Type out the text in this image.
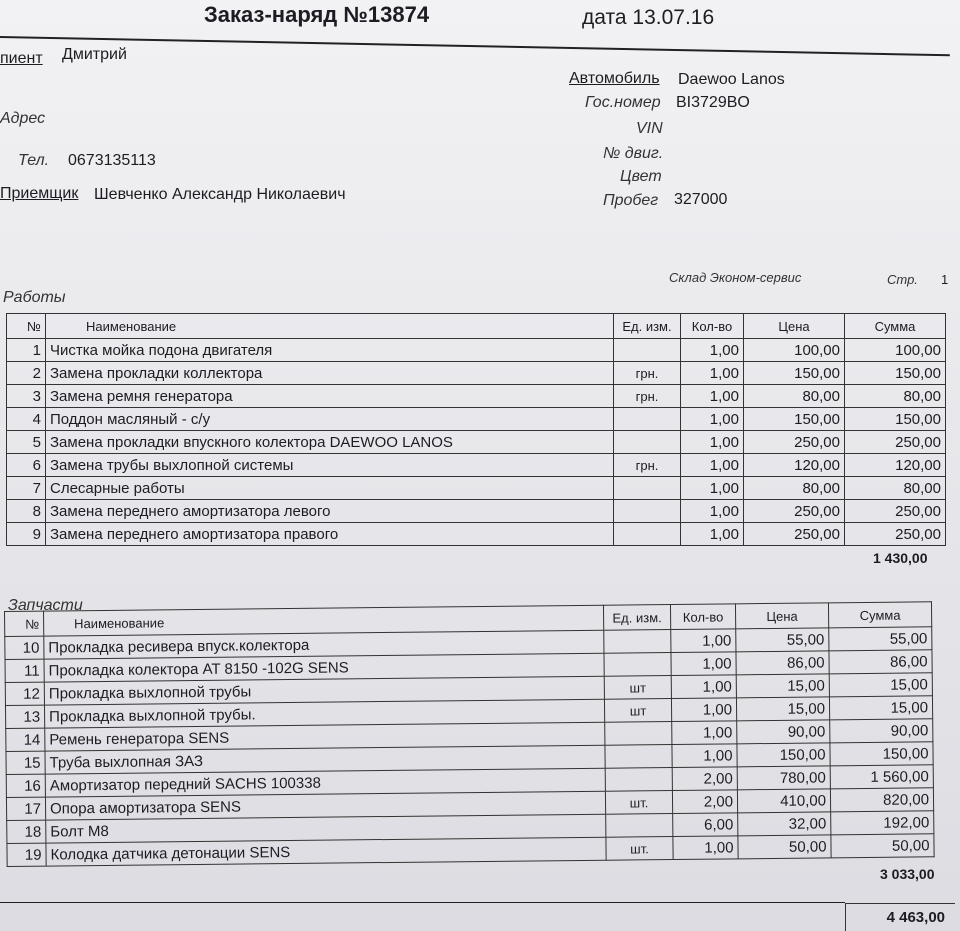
Заказ-наряд №13874	дата 13.07.16
пиент Дмитрий
Адрес
Тел. 0673135113
Приемщик Шевченко Александр Николаевич
Автомобиль Daewoo Lanos
Гос.номер BI3729BO
VIN
№ двиг.
Цвет
Пробег 327000
Склад Эконом-сервис	Стр. 1
Работы
№	Наименование	Ед. изм.	Кол-во	Цена	Сумма
1	Чистка мойка подона двигателя		1,00	100,00	100,00
2	Замена прокладки коллектора	грн.	1,00	150,00	150,00
3	Замена ремня генератора	грн.	1,00	80,00	80,00
4	Поддон масляный - с/у		1,00	150,00	150,00
5	Замена прокладки впускного колектора DAEWOO LANOS		1,00	250,00	250,00
6	Замена трубы выхлопной системы	грн.	1,00	120,00	120,00
7	Слесарные работы		1,00	80,00	80,00
8	Замена переднего амортизатора левого		1,00	250,00	250,00
9	Замена переднего амортизатора правого		1,00	250,00	250,00
1 430,00
Запчасти
№	Наименование	Ед. изм.	Кол-во	Цена	Сумма
10	Прокладка ресивера впуск.колектора		1,00	55,00	55,00
11	Прокладка колектора AT 8150 -102G SENS		1,00	86,00	86,00
12	Прокладка выхлопной трубы	шт	1,00	15,00	15,00
13	Прокладка выхлопной трубы.	шт	1,00	15,00	15,00
14	Ремень генератора SENS		1,00	90,00	90,00
15	Труба выхлопная ЗАЗ		1,00	150,00	150,00
16	Амортизатор передний SACHS 100338		2,00	780,00	1 560,00
17	Опора амортизатора SENS	шт.	2,00	410,00	820,00
18	Болт М8		6,00	32,00	192,00
19	Колодка датчика детонации SENS	шт.	1,00	50,00	50,00
3 033,00
4 463,00
